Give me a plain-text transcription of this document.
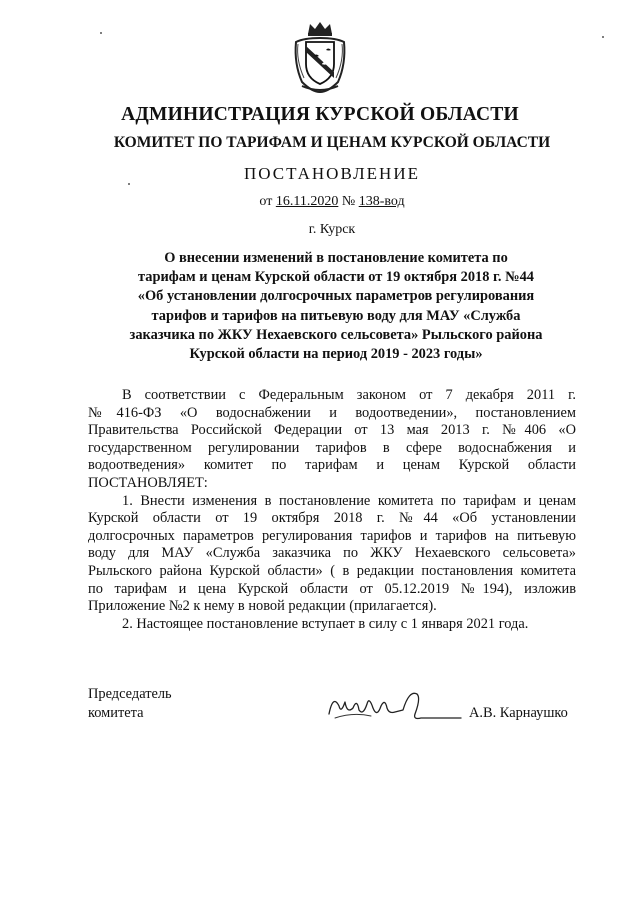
АДМИНИСТРАЦИЯ КУРСКОЙ ОБЛАСТИ
КОМИТЕТ ПО ТАРИФАМ И ЦЕНАМ КУРСКОЙ ОБЛАСТИ
ПОСТАНОВЛЕНИЕ
от 16.11.2020 № 138-вод
г. Курск
О внесении изменений в постановление комитета по
тарифам и ценам Курской области от 19 октября 2018 г. №44
«Об установлении долгосрочных параметров регулирования
тарифов и тарифов на питьевую воду для МАУ «Служба
заказчика по ЖКУ Нехаевского сельсовета» Рыльского района
Курской области на период 2019 - 2023 годы»

В соответствии с Федеральным законом от 7 декабря 2011 г.

№416-ФЗ «О водоснабжении и водоотведении», постановлением

Правительства Российской Федерации от 13 мая 2013 г. №406 «О

государственном регулировании тарифов в сфере водоснабжения и

водоотведения» комитет по тарифам и ценам Курской области

ПОСТАНОВЛЯЕТ:

1. Внести изменения в постановление комитета по тарифам и ценам

Курской области от 19 октября 2018 г. №44 «Об установлении

долгосрочных параметров регулирования тарифов и тарифов на питьевую

воду для МАУ «Служба заказчика по ЖКУ Нехаевского сельсовета»

Рыльского района Курской области» ( в редакции постановления комитета

по тарифам и цена Курской области от 05.12.2019 №194), изложив

Приложение №2 к нему в новой редакции (прилагается).

2. Настоящее постановление вступает в силу с 1 января 2021 года.

Председатель
комитета	А.В. Карнаушко
